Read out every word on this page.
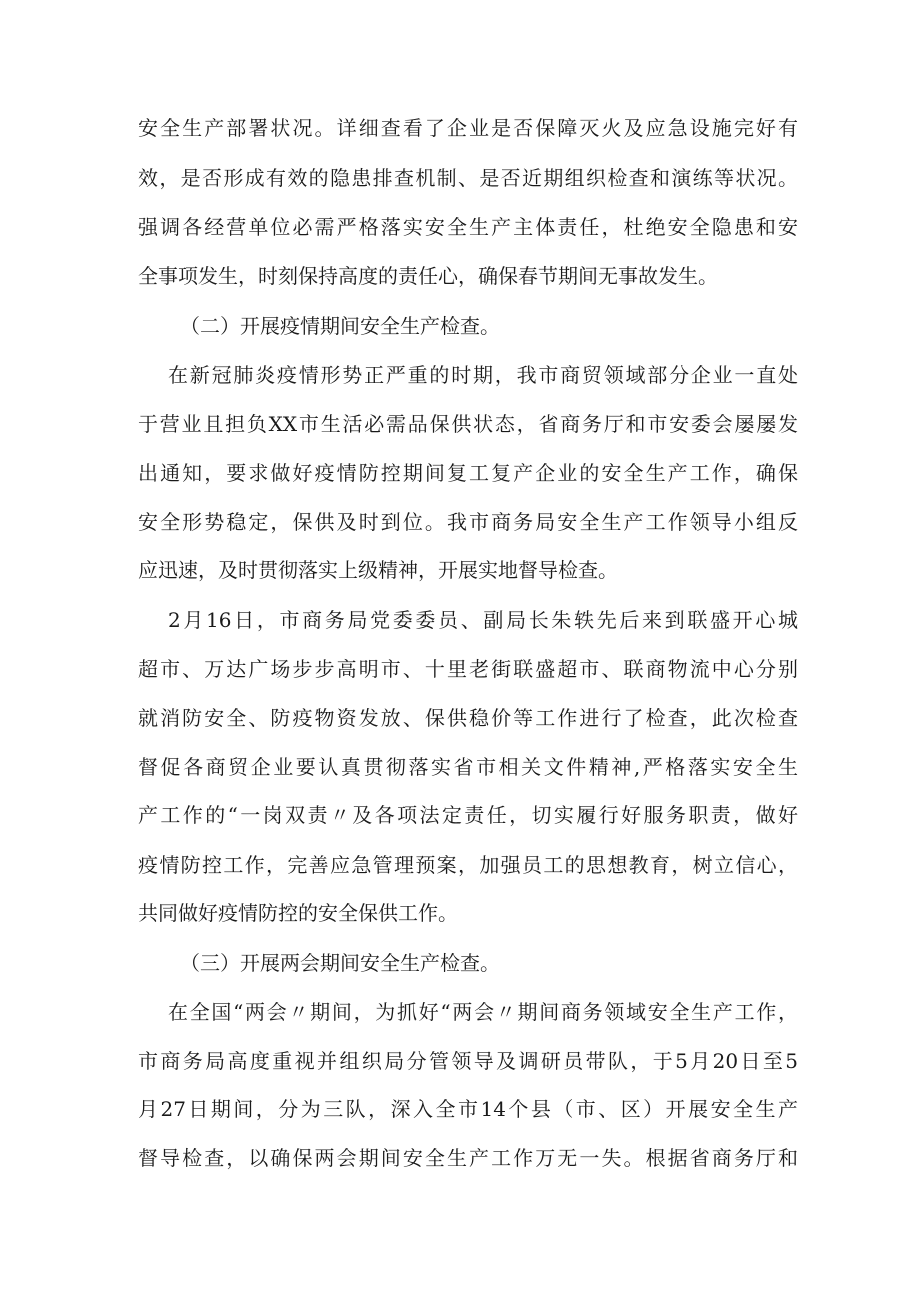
安全生产部署状况。详细查看了企业是否保障灭火及应急设施完好有
效，是否形成有效的隐患排查机制、是否近期组织检查和演练等状况。
强调各经营单位必需严格落实安全生产主体责任，杜绝安全隐患和安
全事项发生，时刻保持高度的责任心，确保春节期间无事故发生。
（二）开展疫情期间安全生产检查。
在新冠肺炎疫情形势正严重的时期，我市商贸领域部分企业一直处
于营业且担负XX市生活必需品保供状态，省商务厅和市安委会屡屡发
出通知，要求做好疫情防控期间复工复产企业的安全生产工作，确保
安全形势稳定，保供及时到位。我市商务局安全生产工作领导小组反
应迅速，及时贯彻落实上级精神，开展实地督导检查。
2月16日，市商务局党委委员、副局长朱轶先后来到联盛开心城
超市、万达广场步步高明市、十里老街联盛超市、联商物流中心分别
就消防安全、防疫物资发放、保供稳价等工作进行了检查，此次检查
督促各商贸企业要认真贯彻落实省市相关文件精神,严格落实安全生
产工作的“一岗双责〃及各项法定责任，切实履行好服务职责，做好
疫情防控工作，完善应急管理预案，加强员工的思想教育，树立信心，
共同做好疫情防控的安全保供工作。
（三）开展两会期间安全生产检查。
在全国“两会〃期间，为抓好“两会〃期间商务领域安全生产工作，
市商务局高度重视并组织局分管领导及调研员带队，于5月20日至5
月27日期间，分为三队，深入全市14个县（市、区）开展安全生产
督导检查，以确保两会期间安全生产工作万无一失。根据省商务厅和
